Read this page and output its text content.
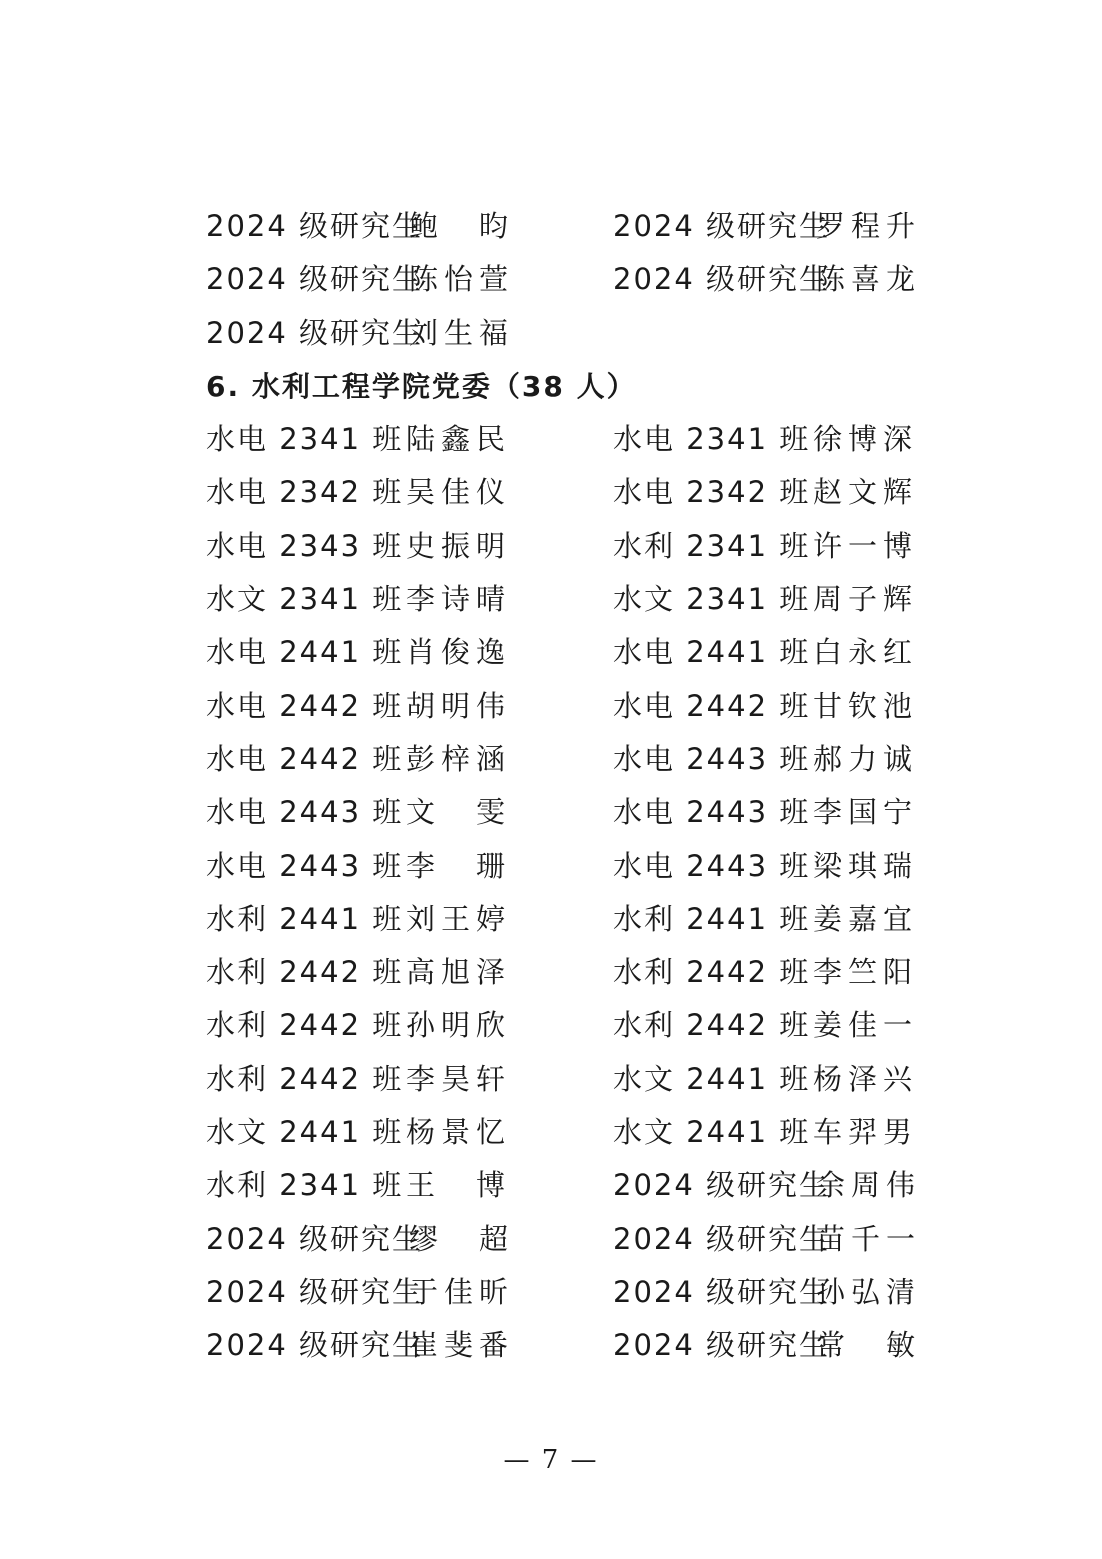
2024 级研究生鲍　昀	2024 级研究生罗程升
2024 级研究生陈怡萱	2024 级研究生陈喜龙
2024 级研究生刘生福
6. 水利工程学院党委（38 人）
水电 2341 班陆鑫民	水电 2341 班徐博深
水电 2342 班吴佳仪	水电 2342 班赵文辉
水电 2343 班史振明	水利 2341 班许一博
水文 2341 班李诗晴	水文 2341 班周子辉
水电 2441 班肖俊逸	水电 2441 班白永红
水电 2442 班胡明伟	水电 2442 班甘钦池
水电 2442 班彭梓涵	水电 2443 班郝力诚
水电 2443 班文　雯	水电 2443 班李国宁
水电 2443 班李　珊	水电 2443 班梁琪瑞
水利 2441 班刘王婷	水利 2441 班姜嘉宜
水利 2442 班高旭泽	水利 2442 班李竺阳
水利 2442 班孙明欣	水利 2442 班姜佳一
水利 2442 班李昊轩	水文 2441 班杨泽兴
水文 2441 班杨景忆	水文 2441 班车羿男
水利 2341 班王　博	2024 级研究生余周伟
2024 级研究生缪　超	2024 级研究生苗千一
2024 级研究生于佳昕	2024 级研究生孙弘清
2024 级研究生崔斐番	2024 级研究生常　敏
— 7 —
